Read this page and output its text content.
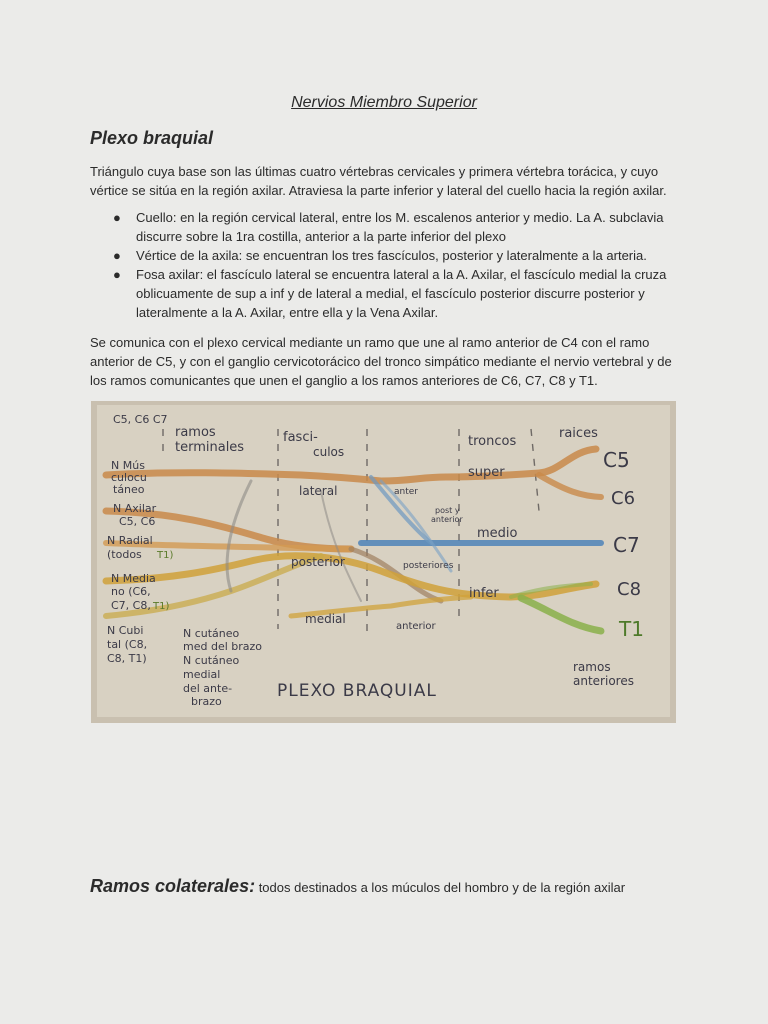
Nervios Miembro Superior
Plexo braquial
Triángulo cuya base son las últimas cuatro vértebras cervicales y primera vértebra torácica, y cuyo vértice se sitúa en la región axilar. Atraviesa la parte inferior y lateral del cuello hacia la región axilar.
● Cuello: en la región cervical lateral, entre los M. escalenos anterior y medio. La A. subclavia discurre sobre la 1ra costilla, anterior a la parte inferior del plexo
● Vértice de la axila: se encuentran los tres fascículos, posterior y lateralmente a la arteria.
● Fosa axilar: el fascículo lateral se encuentra lateral a la A. Axilar, el fascículo medial la cruza oblicuamente de sup a inf y de lateral a medial, el fascículo posterior discurre posterior y lateralmente a la A. Axilar, entre ella y la Vena Axilar.
Se comunica con el plexo cervical mediante un ramo que une al ramo anterior de C4 con el ramo anterior de C5, y con el ganglio cervicotorácico del tronco simpático mediante el nervio vertebral y de los ramos comunicantes que unen el ganglio a los ramos anteriores de C6, C7, C8 y T1.
C5, C6 C7
ramos
terminales
fasci-
culos
troncos
raices
N Mús
culocu
táneo
N Axilar
C5, C6
N Radial
(todos T1)
N Media
no (C6,
C7, C8, T1)
N Cubi
tal (C8,
C8, T1)
lateral
posterior
medial
anter
post y
anterior
posteriores
anterior
super
medio
infer
C5
C6
C7
C8
T1
ramos
anteriores
N cutáneo
med del brazo
N cutáneo
medial
del ante-
brazo
PLEXO BRAQUIAL
Ramos colaterales: todos destinados a los múculos del hombro y de la región axilar
